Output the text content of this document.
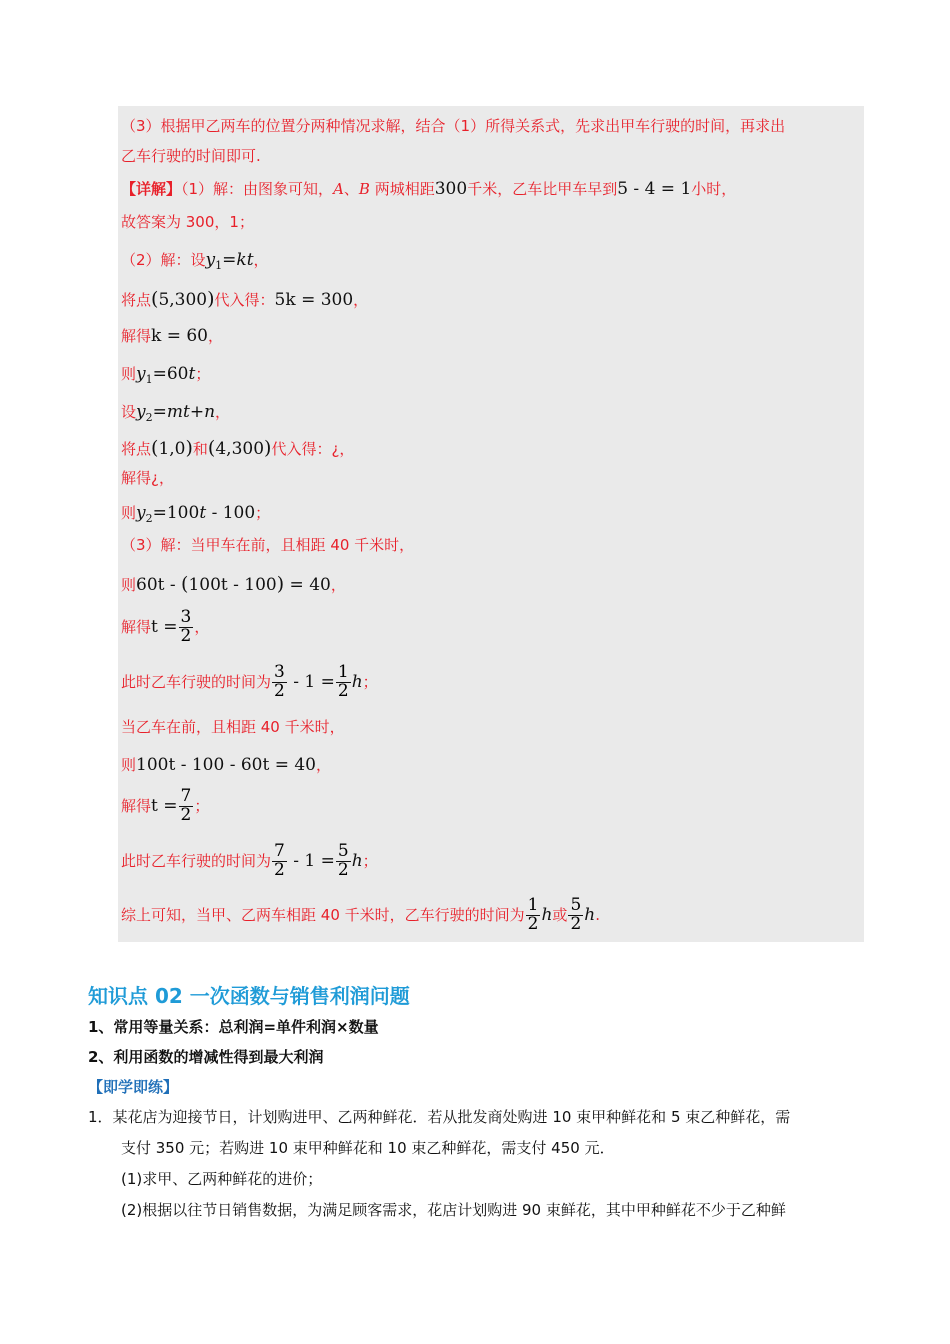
（3）根据甲乙两车的位置分两种情况求解，结合（1）所得关系式，先求出甲车行驶的时间，再求出
乙车行驶的时间即可.
【详解】（1）解：由图象可知，A、B 两城相距300千米，乙车比甲车早到5 - 4 = 1小时，
故答案为 300，1；
（2）解：设$y_1=kt$，
将点(5,300)代入得：5k = 300，
解得k = 60，
则$y_1=60t$；
设$y_2=mt+n$，
将点(1,0)和(4,300)代入得：¿，
解得¿，
则$y_2=100t - 100$；
（3）解：当甲车在前，且相距 40 千米时，
则60t - (100t - 100) = 40，
解得$t = \frac{3}{2}$ ，
此时乙车行驶的时间为 $\frac{3}{2} - 1 = \frac{1}{2}$ h；
当乙车在前，且相距 40 千米时，
则100t - 100 - 60t = 40，
解得$t = \frac{7}{2}$ ；
此时乙车行驶的时间为 $\frac{7}{2} - 1 = \frac{5}{2}$ h；
综上可知，当甲、乙两车相距 40 千米时，乙车行驶的时间为 $\frac{1}{2}$ h或 $\frac{5}{2} h$.
知识点 02 一次函数与销售利润问题
1、常用等量关系：总利润=单件利润×数量
2、利用函数的增减性得到最大利润
【即学即练】
1．某花店为迎接节日，计划购进甲、乙两种鲜花．若从批发商处购进 10 束甲种鲜花和 5 束乙种鲜花，需
支付 350 元；若购进 10 束甲种鲜花和 10 束乙种鲜花，需支付 450 元．
(1)求甲、乙两种鲜花的进价；
(2)根据以往节日销售数据，为满足顾客需求，花店计划购进 90 束鲜花，其中甲种鲜花不少于乙种鲜
